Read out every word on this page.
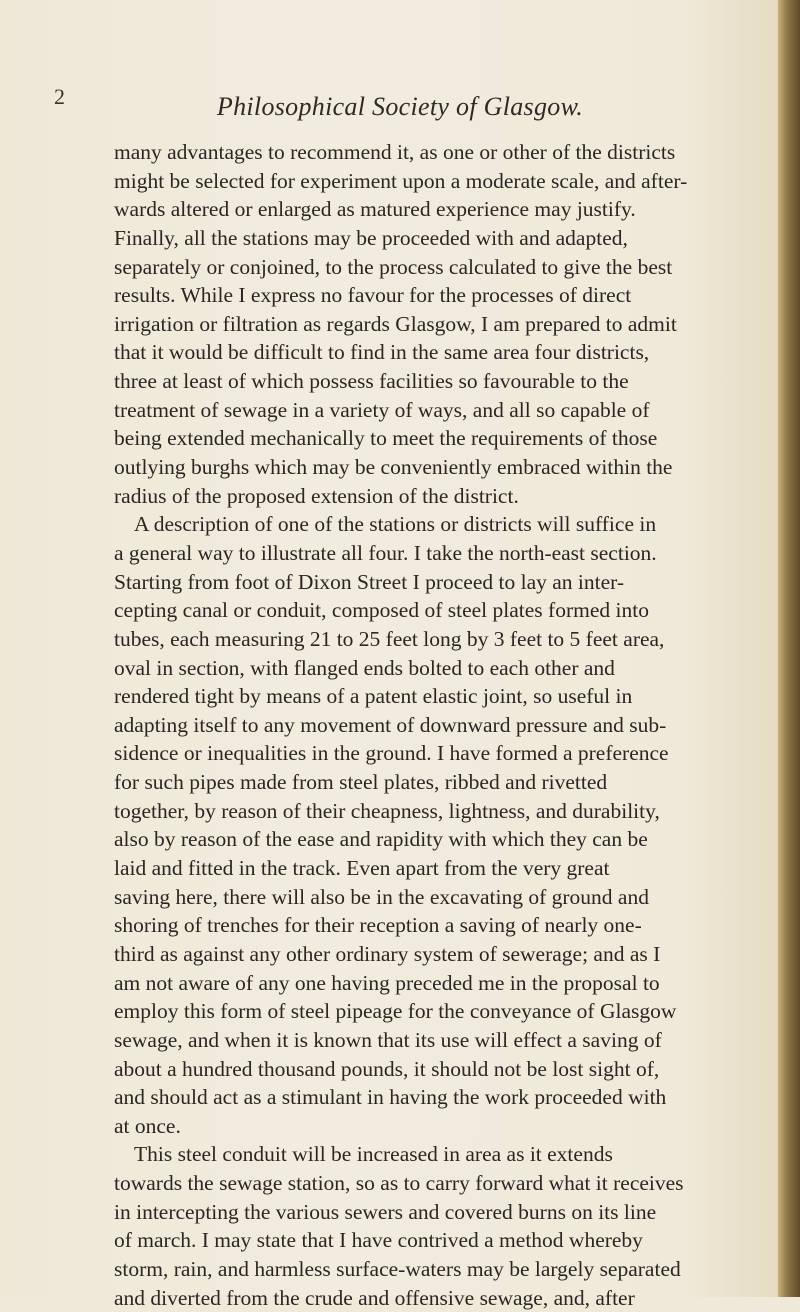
2	Philosophical Society of Glasgow.
many advantages to recommend it, as one or other of the districts
might be selected for experiment upon a moderate scale, and after-
wards altered or enlarged as matured experience may justify.
Finally, all the stations may be proceeded with and adapted,
separately or conjoined, to the process calculated to give the best
results. While I express no favour for the processes of direct
irrigation or filtration as regards Glasgow, I am prepared to admit
that it would be difficult to find in the same area four districts,
three at least of which possess facilities so favourable to the
treatment of sewage in a variety of ways, and all so capable of
being extended mechanically to meet the requirements of those
outlying burghs which may be conveniently embraced within the
radius of the proposed extension of the district.
A description of one of the stations or districts will suffice in
a general way to illustrate all four. I take the north-east section.
Starting from foot of Dixon Street I proceed to lay an inter-
cepting canal or conduit, composed of steel plates formed into
tubes, each measuring 21 to 25 feet long by 3 feet to 5 feet area,
oval in section, with flanged ends bolted to each other and
rendered tight by means of a patent elastic joint, so useful in
adapting itself to any movement of downward pressure and sub-
sidence or inequalities in the ground. I have formed a preference
for such pipes made from steel plates, ribbed and rivetted
together, by reason of their cheapness, lightness, and durability,
also by reason of the ease and rapidity with which they can be
laid and fitted in the track. Even apart from the very great
saving here, there will also be in the excavating of ground and
shoring of trenches for their reception a saving of nearly one-
third as against any other ordinary system of sewerage; and as I
am not aware of any one having preceded me in the proposal to
employ this form of steel pipeage for the conveyance of Glasgow
sewage, and when it is known that its use will effect a saving of
about a hundred thousand pounds, it should not be lost sight of,
and should act as a stimulant in having the work proceeded with
at once.
This steel conduit will be increased in area as it extends
towards the sewage station, so as to carry forward what it receives
in intercepting the various sewers and covered burns on its line
of march. I may state that I have contrived a method whereby
storm, rain, and harmless surface-waters may be largely separated
and diverted from the crude and offensive sewage, and, after
